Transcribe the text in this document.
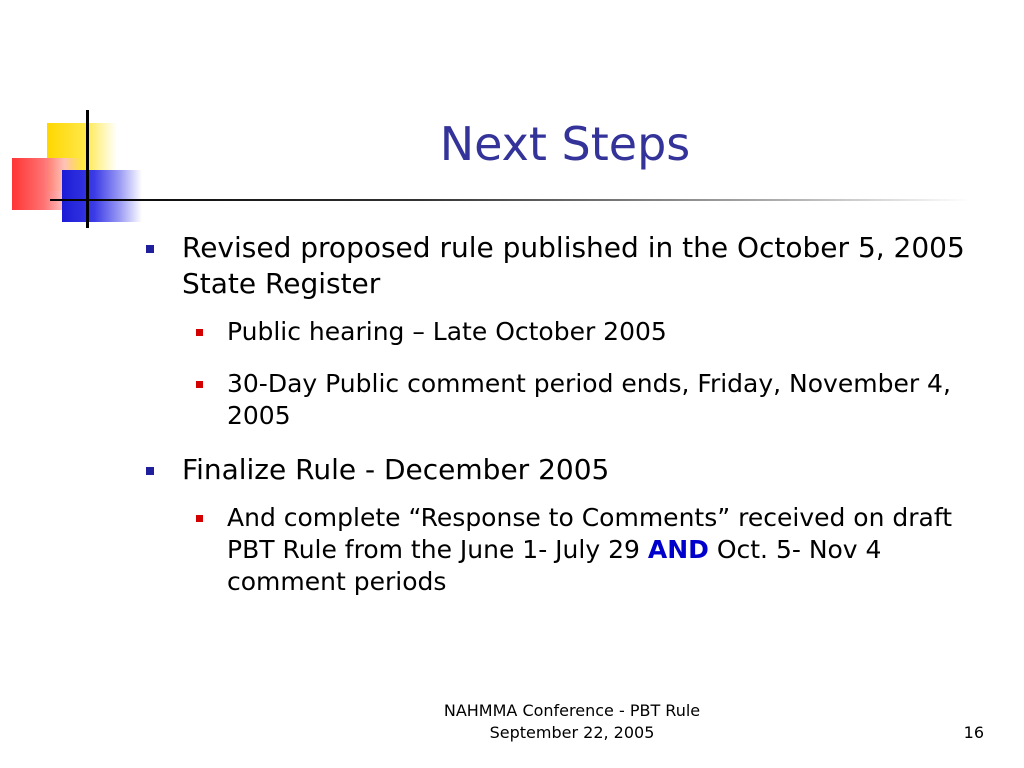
Next Steps
Revised proposed rule published in the October 5, 2005 State Register
Public hearing – Late October 2005
30-Day Public comment period ends, Friday, November 4, 2005
Finalize Rule - December 2005
And complete “Response to Comments” received on draft PBT Rule from the June 1- July 29 AND Oct. 5- Nov 4 comment periods
NAHMMA Conference - PBT Rule
September 22, 2005	16
